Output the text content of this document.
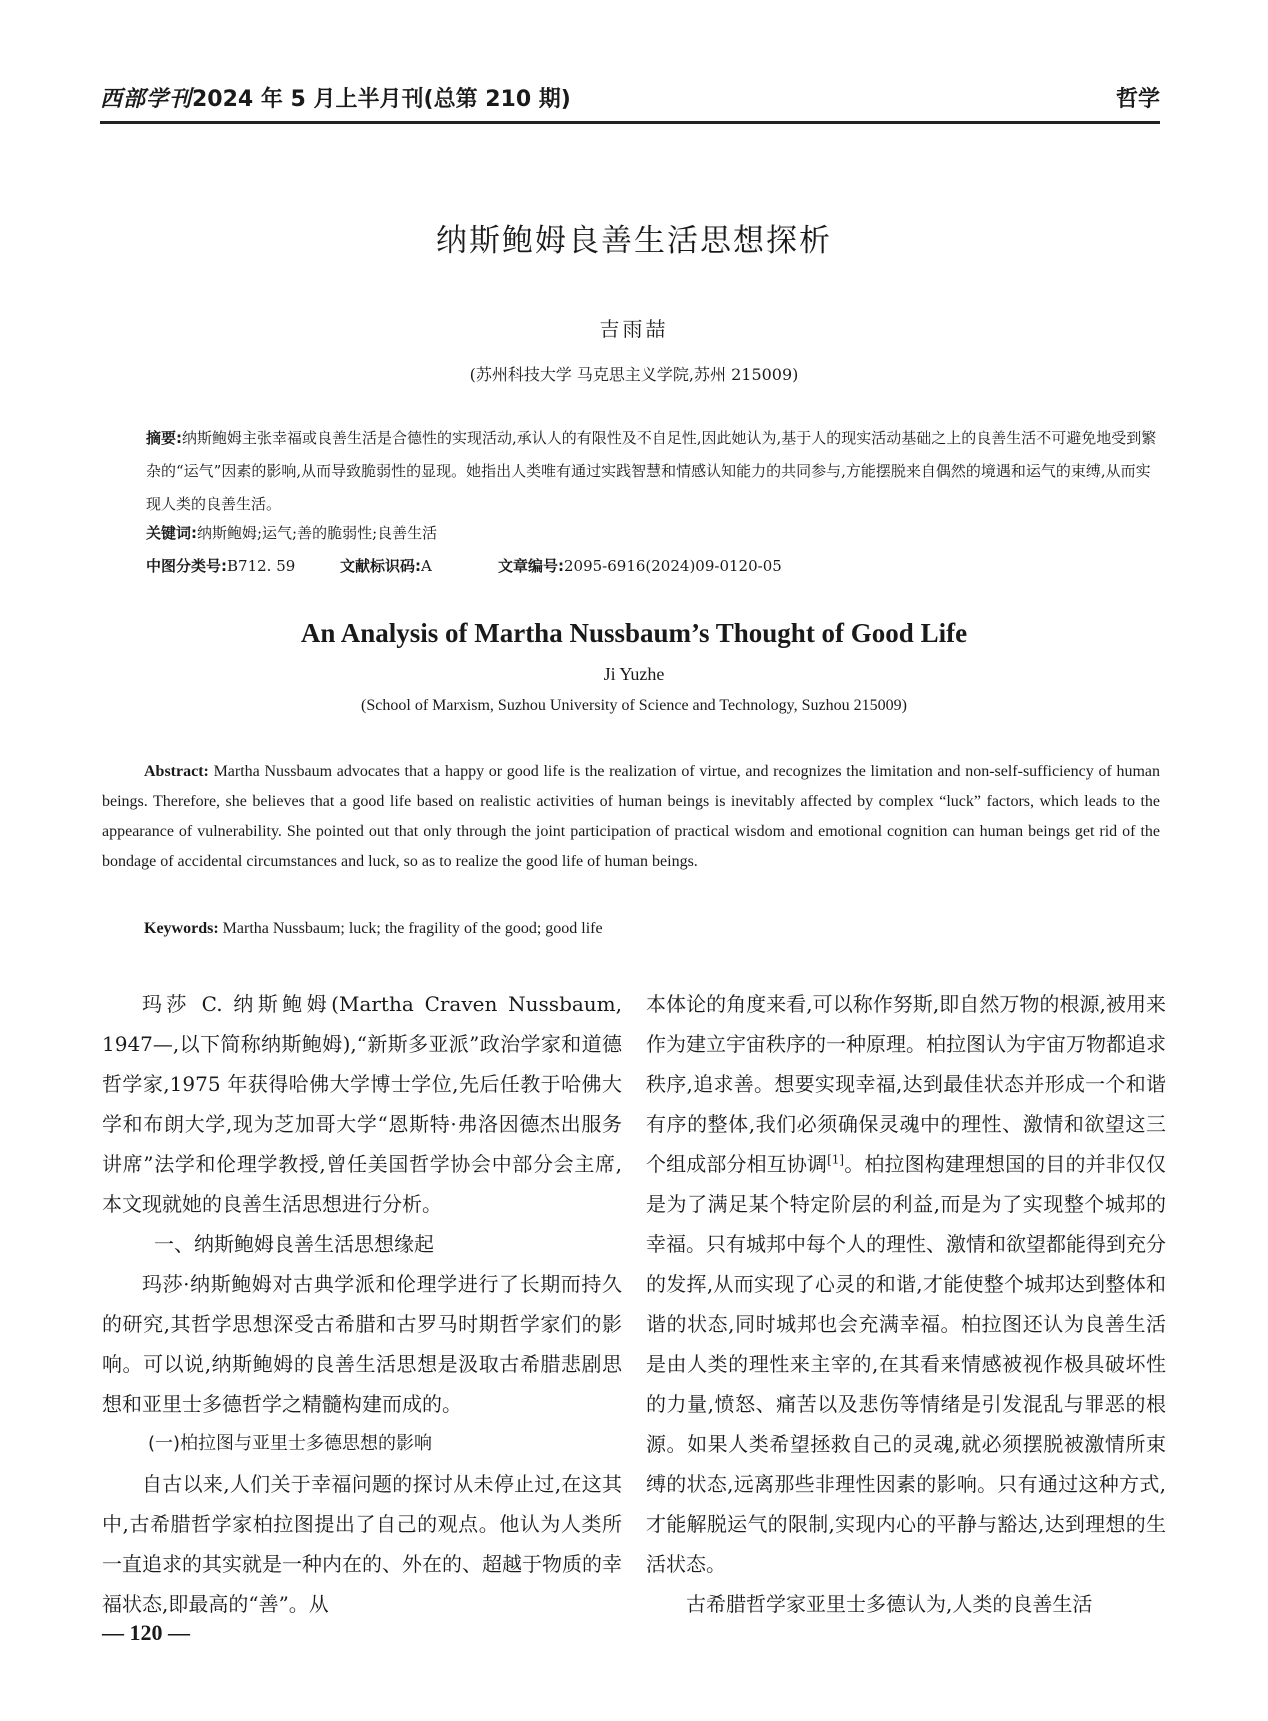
西部学刊 2024 年 5 月上半月刊(总第 210 期)	哲学
纳斯鲍姆良善生活思想探析
吉雨喆
(苏州科技大学 马克思主义学院,苏州 215009)
摘要:纳斯鲍姆主张幸福或良善生活是合德性的实现活动,承认人的有限性及不自足性,因此她认为,基于人的现实活动基础之上的良善生活不可避免地受到繁杂的“运气”因素的影响,从而导致脆弱性的显现。她指出人类唯有通过实践智慧和情感认知能力的共同参与,方能摆脱来自偶然的境遇和运气的束缚,从而实现人类的良善生活。
关键词:纳斯鲍姆;运气;善的脆弱性;良善生活
中图分类号:B712. 59	文献标识码:A	文章编号:2095-6916(2024)09-0120-05
An Analysis of Martha Nussbaum’s Thought of Good Life
Ji Yuzhe
(School of Marxism, Suzhou University of Science and Technology, Suzhou 215009)
Abstract: Martha Nussbaum advocates that a happy or good life is the realization of virtue, and recognizes the limitation and non-self-sufficiency of human beings. Therefore, she believes that a good life based on realistic activities of human beings is inevitably affected by complex “luck” factors, which leads to the appearance of vulnerability. She pointed out that only through the joint participation of practical wisdom and emotional cognition can human beings get rid of the bondage of accidental circumstances and luck, so as to realize the good life of human beings.
Keywords: Martha Nussbaum; luck; the fragility of the good; good life

玛莎 C. 纳斯鲍姆(Martha Craven Nussbaum, 1947—,以下简称纳斯鲍姆),“新斯多亚派”政治学家和道德哲学家,1975 年获得哈佛大学博士学位,先后任教于哈佛大学和布朗大学,现为芝加哥大学“恩斯特·弗洛因德杰出服务讲席”法学和伦理学教授,曾任美国哲学协会中部分会主席,本文现就她的良善生活思想进行分析。

一、纳斯鲍姆良善生活思想缘起

玛莎·纳斯鲍姆对古典学派和伦理学进行了长期而持久的研究,其哲学思想深受古希腊和古罗马时期哲学家们的影响。可以说,纳斯鲍姆的良善生活思想是汲取古希腊悲剧思想和亚里士多德哲学之精髓构建而成的。

(一)柏拉图与亚里士多德思想的影响

自古以来,人们关于幸福问题的探讨从未停止过,在这其中,古希腊哲学家柏拉图提出了自己的观点。他认为人类所一直追求的其实就是一种内在的、外在的、超越于物质的幸福状态,即最高的“善”。从

本体论的角度来看,可以称作努斯,即自然万物的根源,被用来作为建立宇宙秩序的一种原理。柏拉图认为宇宙万物都追求秩序,追求善。想要实现幸福,达到最佳状态并形成一个和谐有序的整体,我们必须确保灵魂中的理性、激情和欲望这三个组成部分相互协调[1]。柏拉图构建理想国的目的并非仅仅是为了满足某个特定阶层的利益,而是为了实现整个城邦的幸福。只有城邦中每个人的理性、激情和欲望都能得到充分的发挥,从而实现了心灵的和谐,才能使整个城邦达到整体和谐的状态,同时城邦也会充满幸福。柏拉图还认为良善生活是由人类的理性来主宰的,在其看来情感被视作极具破坏性的力量,愤怒、痛苦以及悲伤等情绪是引发混乱与罪恶的根源。如果人类希望拯救自己的灵魂,就必须摆脱被激情所束缚的状态,远离那些非理性因素的影响。只有通过这种方式,才能解脱运气的限制,实现内心的平静与豁达,达到理想的生活状态。

古希腊哲学家亚里士多德认为,人类的良善生活

— 120 —
